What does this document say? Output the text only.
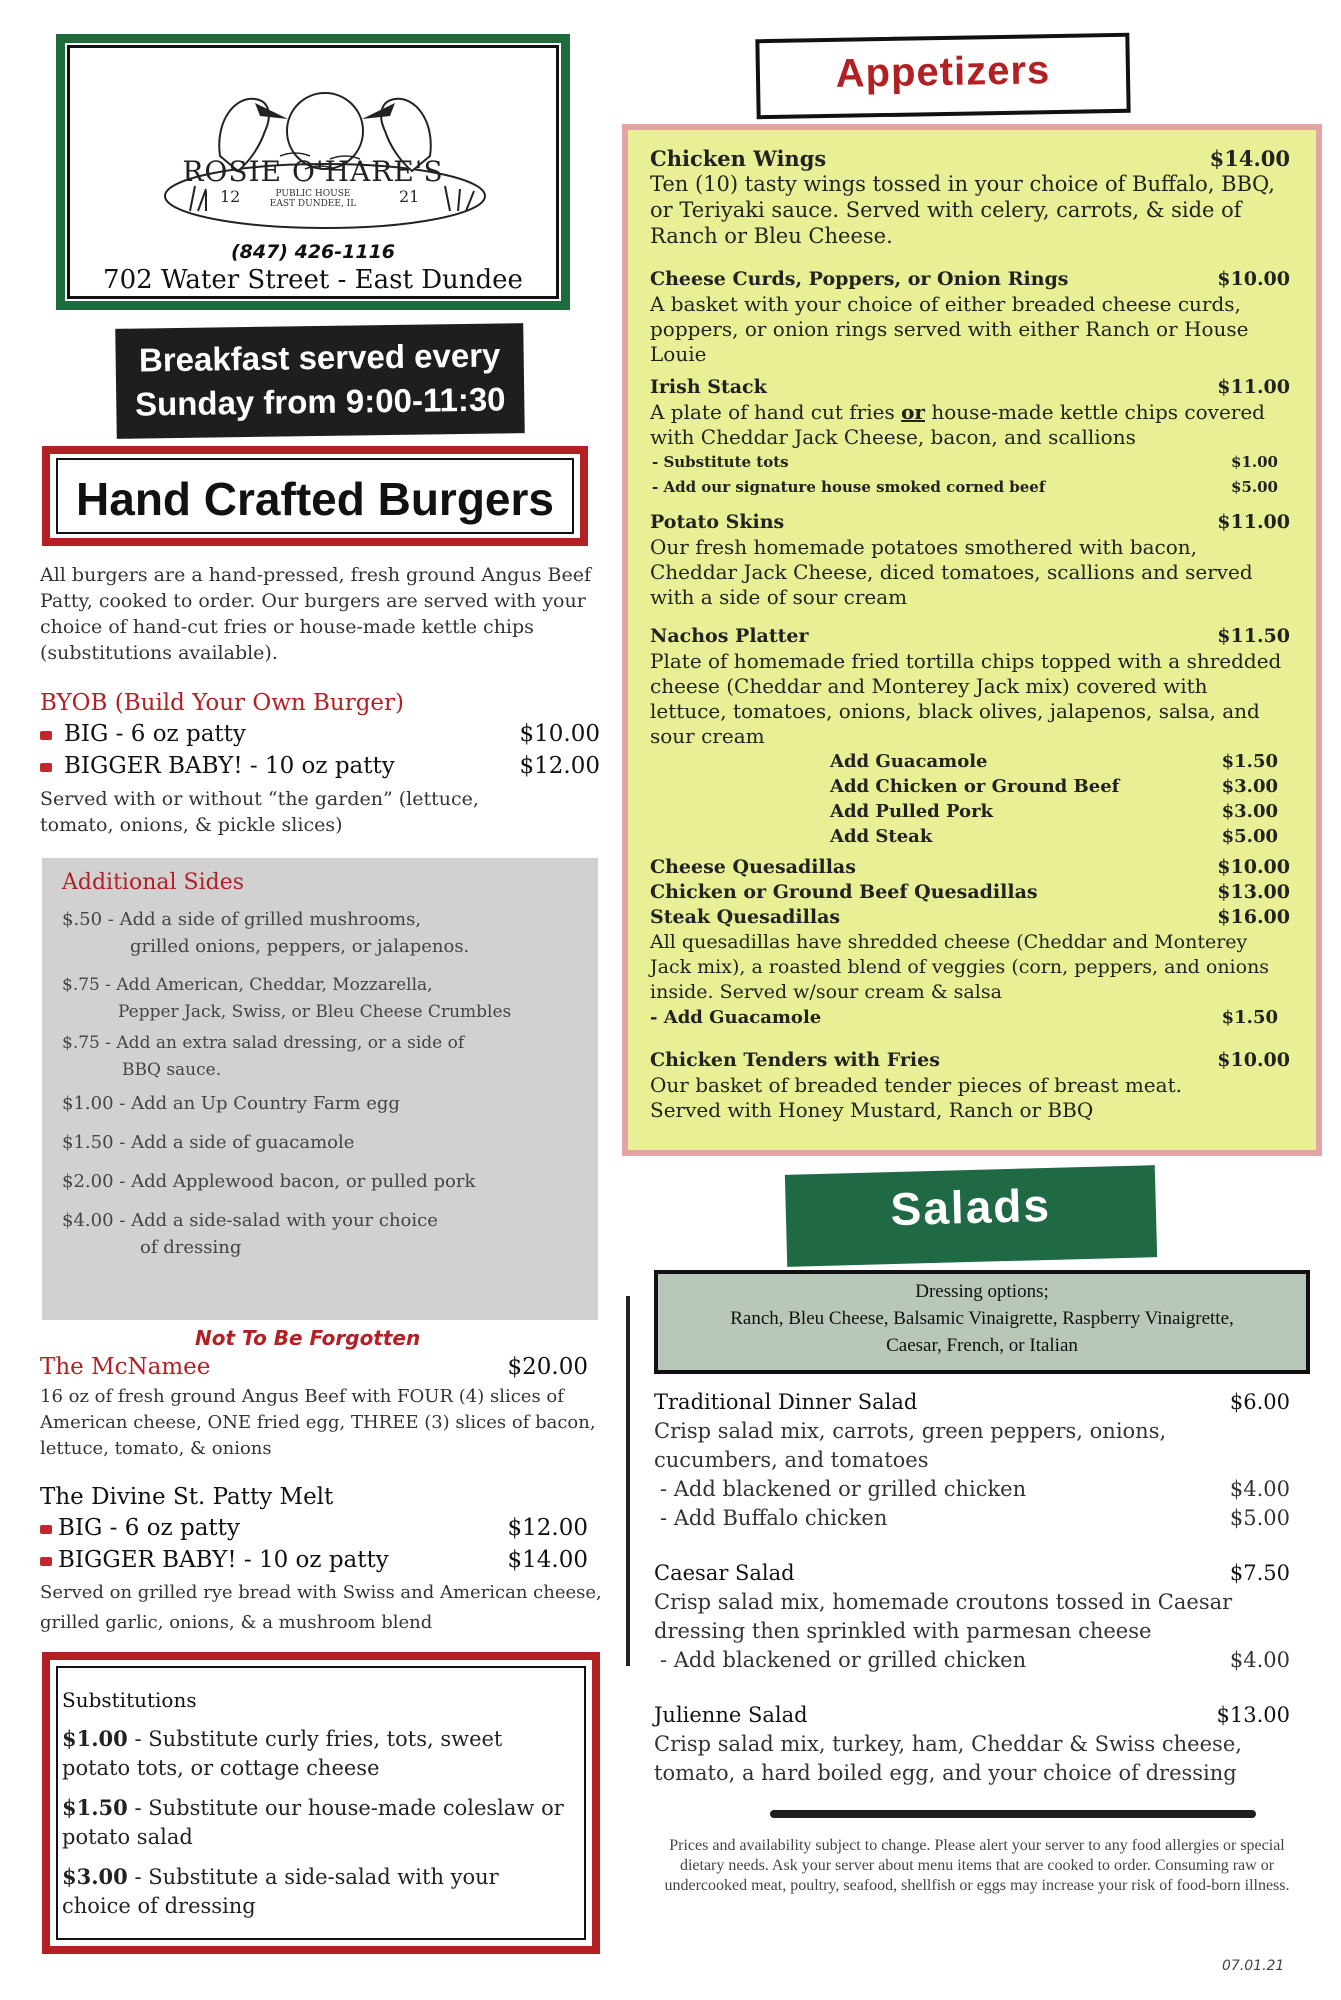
ROSIE O'HARE'S
12	PUBLIC HOUSE
EAST DUNDEE, IL	21
(847) 426-1116
702 Water Street - East Dundee
Breakfast served every
Sunday from 9:00-11:30 am
Hand Crafted Burgers
All burgers are a hand-pressed, fresh ground Angus Beef Patty, cooked to order. Our burgers are served with your choice of hand-cut fries or house-made kettle chips (substitutions available).
BYOB (Build Your Own Burger)
BIG - 6 oz patty	$10.00
BIGGER BABY! - 10 oz patty	$12.00
Served with or without “the garden” (lettuce, tomato, onions, & pickle slices)
Additional Sides
$.50 - Add a side of grilled mushrooms,
grilled onions, peppers, or jalapenos.
$.75 - Add American, Cheddar, Mozzarella,
Pepper Jack, Swiss, or Bleu Cheese Crumbles
$.75 - Add an extra salad dressing, or a side of
BBQ sauce.
$1.00 - Add an Up Country Farm egg
$1.50 - Add a side of guacamole
$2.00 - Add Applewood bacon, or pulled pork
$4.00 - Add a side-salad with your choice
of dressing
Not To Be Forgotten
The McNamee	$20.00
16 oz of fresh ground Angus Beef with FOUR (4) slices of American cheese, ONE fried egg, THREE (3) slices of bacon, lettuce, tomato, & onions
The Divine St. Patty Melt
BIG - 6 oz patty	$12.00
BIGGER BABY! - 10 oz patty	$14.00
Served on grilled rye bread with Swiss and American cheese, grilled garlic, onions, & a mushroom blend
Substitutions
$1.00 - Substitute curly fries, tots, sweet potato tots, or cottage cheese
$1.50 - Substitute our house-made coleslaw or potato salad
$3.00 - Substitute a side-salad with your choice of dressing
Appetizers
Chicken Wings	$14.00
Ten (10) tasty wings tossed in your choice of Buffalo, BBQ, or Teriyaki sauce. Served with celery, carrots, & side of Ranch or Bleu Cheese.
Cheese Curds, Poppers, or Onion Rings	$10.00
A basket with your choice of either breaded cheese curds, poppers, or onion rings served with either Ranch or House Louie
Irish Stack	$11.00
A plate of hand cut fries or house-made kettle chips covered with Cheddar Jack Cheese, bacon, and scallions
- Substitute tots	$1.00
- Add our signature house smoked corned beef	$5.00
Potato Skins	$11.00
Our fresh homemade potatoes smothered with bacon, Cheddar Jack Cheese, diced tomatoes, scallions and served with a side of sour cream
Nachos Platter	$11.50
Plate of homemade fried tortilla chips topped with a shredded cheese (Cheddar and Monterey Jack mix) covered with lettuce, tomatoes, onions, black olives, jalapenos, salsa, and sour cream
Add Guacamole	$1.50
Add Chicken or Ground Beef	$3.00
Add Pulled Pork	$3.00
Add Steak	$5.00
Cheese Quesadillas	$10.00
Chicken or Ground Beef Quesadillas	$13.00
Steak Quesadillas	$16.00
All quesadillas have shredded cheese (Cheddar and Monterey Jack mix), a roasted blend of veggies (corn, peppers, and onions inside. Served w/sour cream & salsa
- Add Guacamole	$1.50
Chicken Tenders with Fries	$10.00
Our basket of breaded tender pieces of breast meat. Served with Honey Mustard, Ranch or BBQ
Salads
Dressing options;
Ranch, Bleu Cheese, Balsamic Vinaigrette, Raspberry Vinaigrette,
Caesar, French, or Italian
Traditional Dinner Salad	$6.00
Crisp salad mix, carrots, green peppers, onions, cucumbers, and tomatoes
- Add blackened or grilled chicken	$4.00
- Add Buffalo chicken	$5.00
Caesar Salad	$7.50
Crisp salad mix, homemade croutons tossed in Caesar dressing then sprinkled with parmesan cheese
- Add blackened or grilled chicken	$4.00
Julienne Salad	$13.00
Crisp salad mix, turkey, ham, Cheddar & Swiss cheese, tomato, a hard boiled egg, and your choice of dressing
Prices and availability subject to change. Please alert your server to any food allergies or special dietary needs. Ask your server about menu items that are cooked to order. Consuming raw or undercooked meat, poultry, seafood, shellfish or eggs may increase your risk of food-born illness.
07.01.21
